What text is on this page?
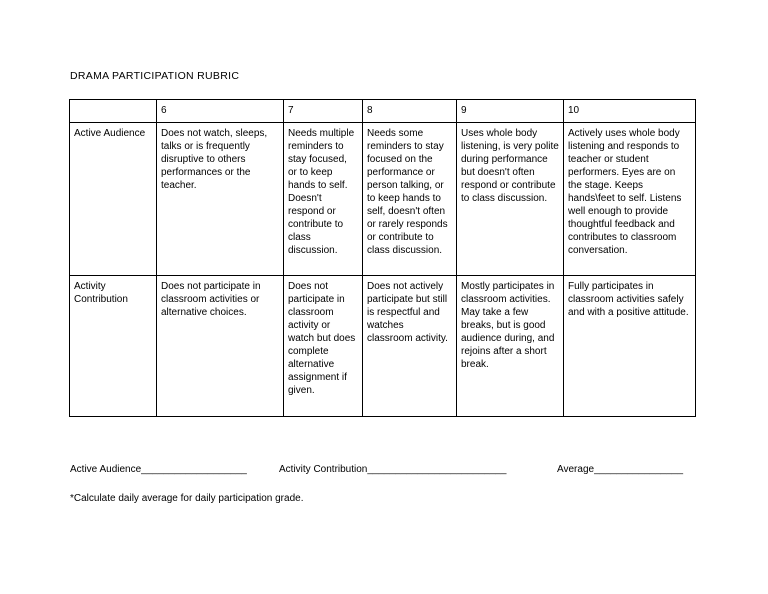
DRAMA PARTICIPATION RUBRIC
	6	7	8	9	10
Active Audience	Does not watch, sleeps, talks or is frequently disruptive to others performances or the teacher.	Needs multiple reminders to stay focused, or to keep hands to self. Doesn't respond or contribute to class discussion.	Needs some reminders to stay focused on the performance or person talking, or to keep hands to self, doesn't often or rarely responds or contribute to class discussion.	Uses whole body listening, is very polite during performance but doesn't often respond or contribute to class discussion.	Actively uses whole body listening and responds to teacher or student performers. Eyes are on the stage. Keeps hands\feet to self. Listens well enough to provide thoughtful feedback and contributes to classroom conversation.
Activity Contribution	Does not participate in classroom activities or alternative choices.	Does not participate in classroom activity or watch but does complete alternative assignment if given.	Does not actively participate but still is respectful and watches classroom activity.	Mostly participates in classroom activities. May take a few breaks, but is good audience during, and rejoins after a short break.	Fully participates in classroom activities safely and with a positive attitude.
Active Audience___________________	Activity Contribution_________________________	Average________________
*Calculate daily average for daily participation grade.
